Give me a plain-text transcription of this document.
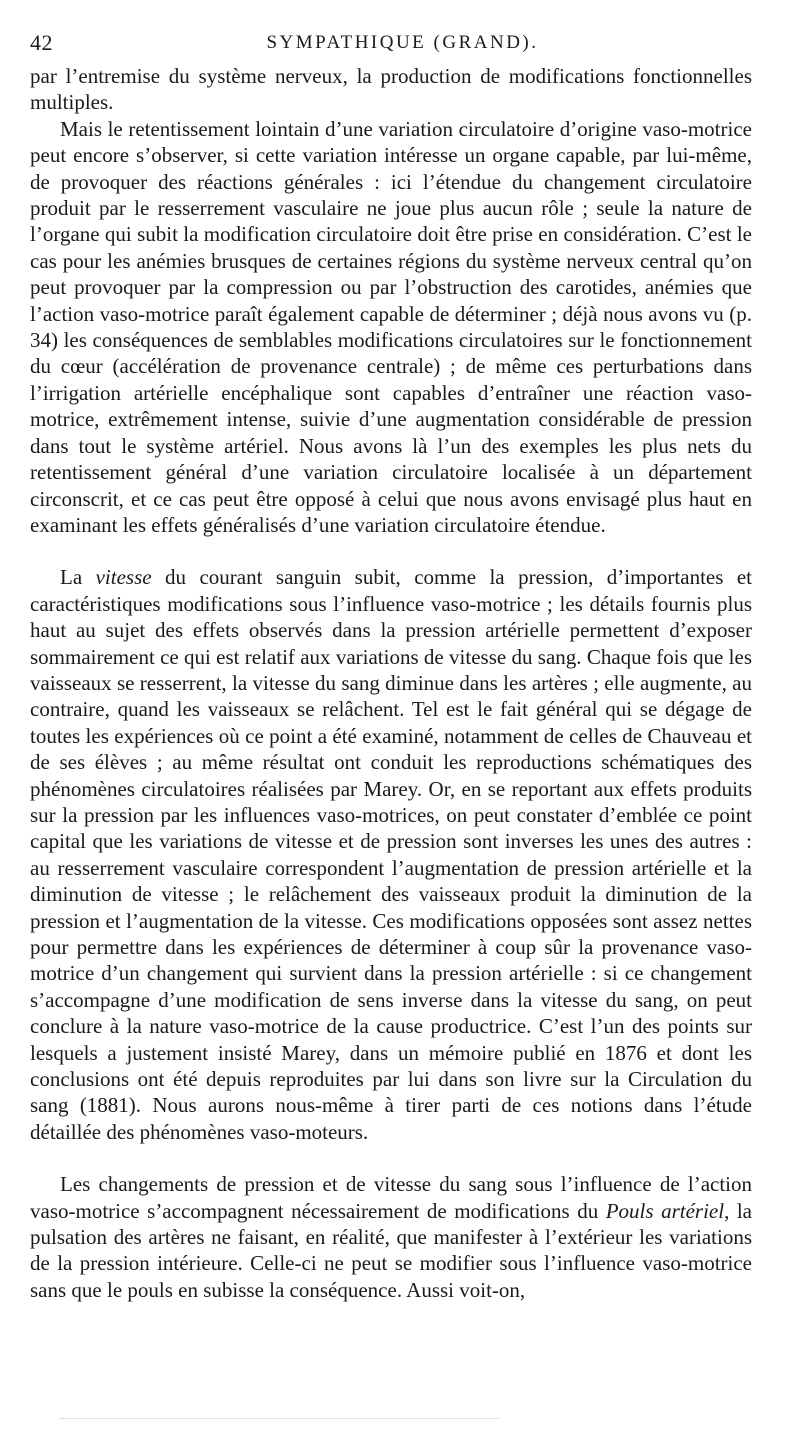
42	SYMPATHIQUE (GRAND).

par l’entremise du système nerveux, la production de modifications fonctionnelles multiples.

Mais le retentissement lointain d’une variation circulatoire d’origine vaso-motrice peut encore s’observer, si cette variation intéresse un organe capable, par lui-même, de provoquer des réactions générales : ici l’étendue du changement circulatoire produit par le resserrement vasculaire ne joue plus aucun rôle ; seule la nature de l’organe qui subit la modification circulatoire doit être prise en considération. C’est le cas pour les anémies brusques de certaines régions du système nerveux central qu’on peut provoquer par la compression ou par l’obstruction des carotides, anémies que l’action vaso-motrice paraît également capable de déterminer ; déjà nous avons vu (p. 34) les conséquences de semblables modifications circulatoires sur le fonctionnement du cœur (accélération de provenance centrale) ; de même ces perturbations dans l’irrigation artérielle encéphalique sont capables d’entraîner une réaction vaso-motrice, extrêmement intense, suivie d’une augmentation considérable de pression dans tout le système artériel. Nous avons là l’un des exemples les plus nets du retentissement général d’une variation circulatoire localisée à un département circonscrit, et ce cas peut être opposé à celui que nous avons envisagé plus haut en examinant les effets généralisés d’une variation circulatoire étendue.

La vitesse du courant sanguin subit, comme la pression, d’importantes et caractéristiques modifications sous l’influence vaso-motrice ; les détails fournis plus haut au sujet des effets observés dans la pression artérielle permettent d’exposer sommairement ce qui est relatif aux variations de vitesse du sang. Chaque fois que les vaisseaux se resserrent, la vitesse du sang diminue dans les artères ; elle augmente, au contraire, quand les vaisseaux se relâchent. Tel est le fait général qui se dégage de toutes les expériences où ce point a été examiné, notamment de celles de Chauveau et de ses élèves ; au même résultat ont conduit les reproductions schématiques des phénomènes circulatoires réalisées par Marey. Or, en se reportant aux effets produits sur la pression par les influences vaso-motrices, on peut constater d’emblée ce point capital que les variations de vitesse et de pression sont inverses les unes des autres : au resserrement vasculaire correspondent l’augmentation de pression artérielle et la diminution de vitesse ; le relâchement des vaisseaux produit la diminution de la pression et l’augmentation de la vitesse. Ces modifications opposées sont assez nettes pour permettre dans les expériences de déterminer à coup sûr la provenance vaso-motrice d’un changement qui survient dans la pression artérielle : si ce changement s’accompagne d’une modification de sens inverse dans la vitesse du sang, on peut conclure à la nature vaso-motrice de la cause productrice. C’est l’un des points sur lesquels a justement insisté Marey, dans un mémoire publié en 1876 et dont les conclusions ont été depuis reproduites par lui dans son livre sur la Circulation du sang (1881). Nous aurons nous-même à tirer parti de ces notions dans l’étude détaillée des phénomènes vaso-moteurs.

Les changements de pression et de vitesse du sang sous l’influence de l’action vaso-motrice s’accompagnent nécessairement de modifications du Pouls artériel, la pulsation des artères ne faisant, en réalité, que manifester à l’extérieur les variations de la pression intérieure. Celle-ci ne peut se modifier sous l’influence vaso-motrice sans que le pouls en subisse la conséquence. Aussi voit-on,
